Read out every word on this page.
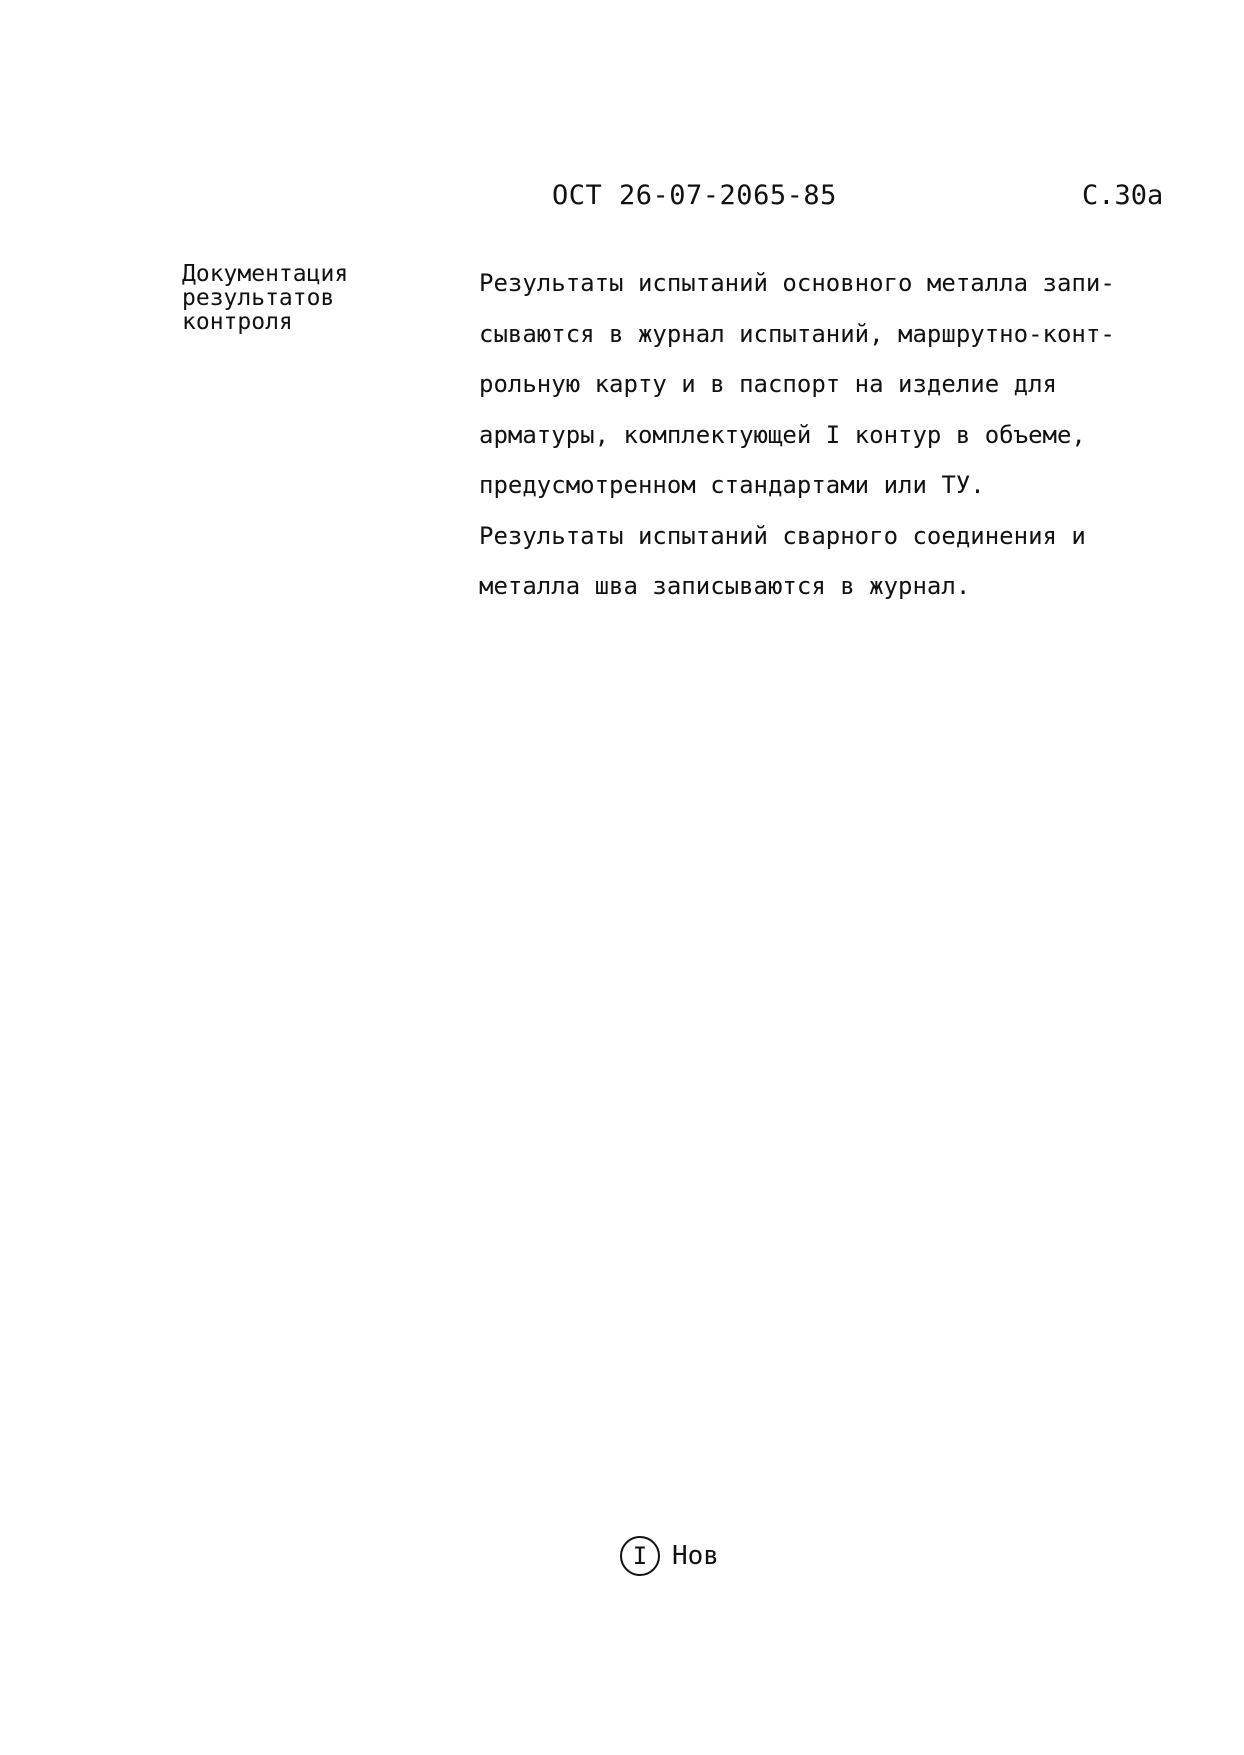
ОСТ 26-07-2065-85	С.30а
Документация
результатов
контроля
Результаты испытаний основного металла запи-
сываются в журнал испытаний, маршрутно-конт-
рольную карту и в паспорт на изделие для
арматуры, комплектующей I контур в объеме,
предусмотренном стандартами или ТУ.
Результаты испытаний сварного соединения и
металла шва записываются в журнал.
I Нов
